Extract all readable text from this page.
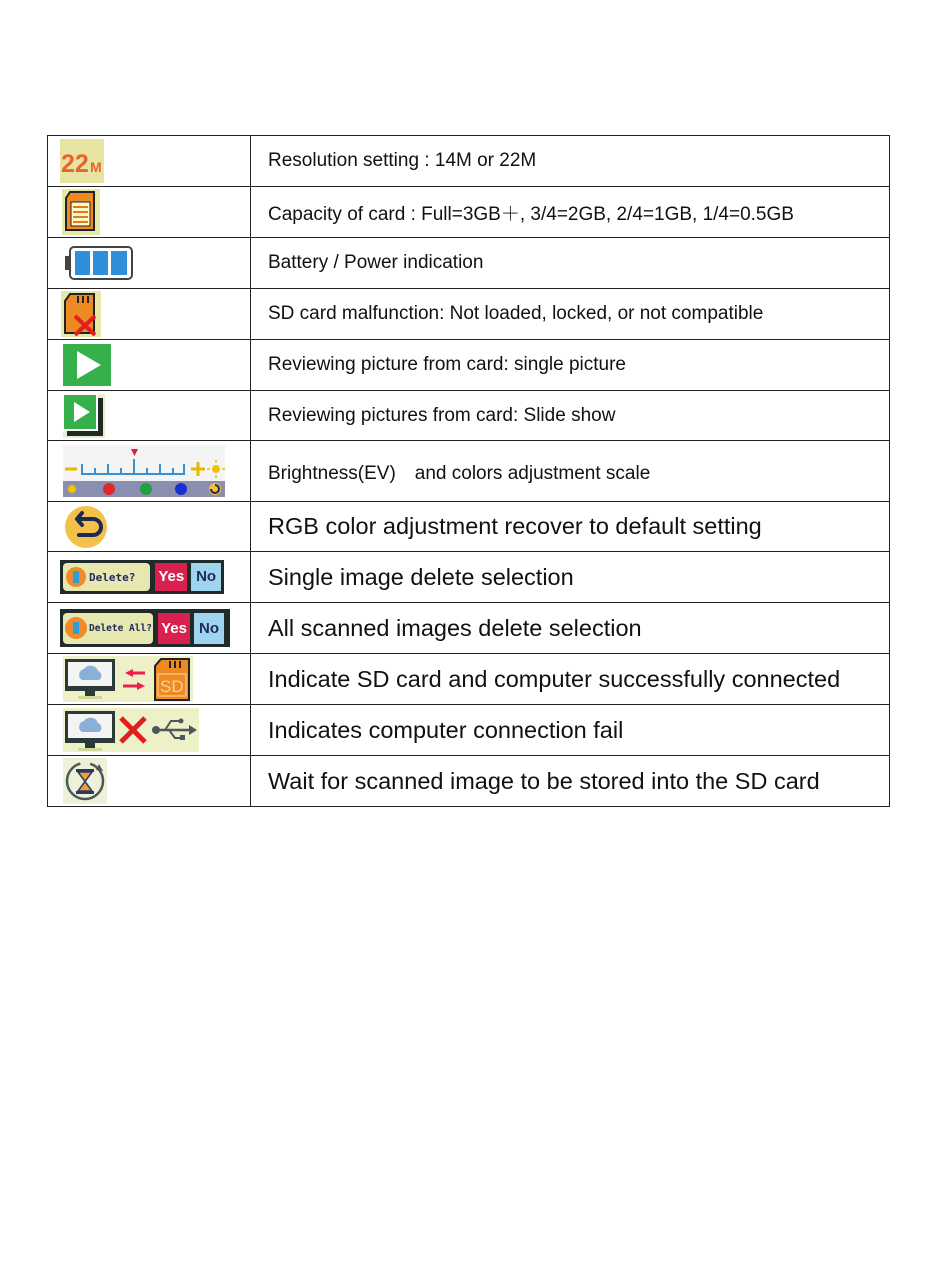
22 M	Resolution setting : 14M or 22M

	Capacity of card : Full=3GB＋, 3/4=2GB, 2/4=1GB, 1/4=0.5GB

	Battery / Power indication

	SD card malfunction: Not loaded, locked, or not compatible

	Reviewing picture from card: single picture

	Reviewing pictures from card: Slide show

	Brightness(EV)　and colors adjustment scale

	RGB color adjustment recover to default setting

Delete? Yes No	Single image delete selection

Delete All? Yes No	All scanned images delete selection

SD	Indicate SD card and computer successfully connected

	Indicates computer connection fail

	Wait for scanned image to be stored into the SD card
